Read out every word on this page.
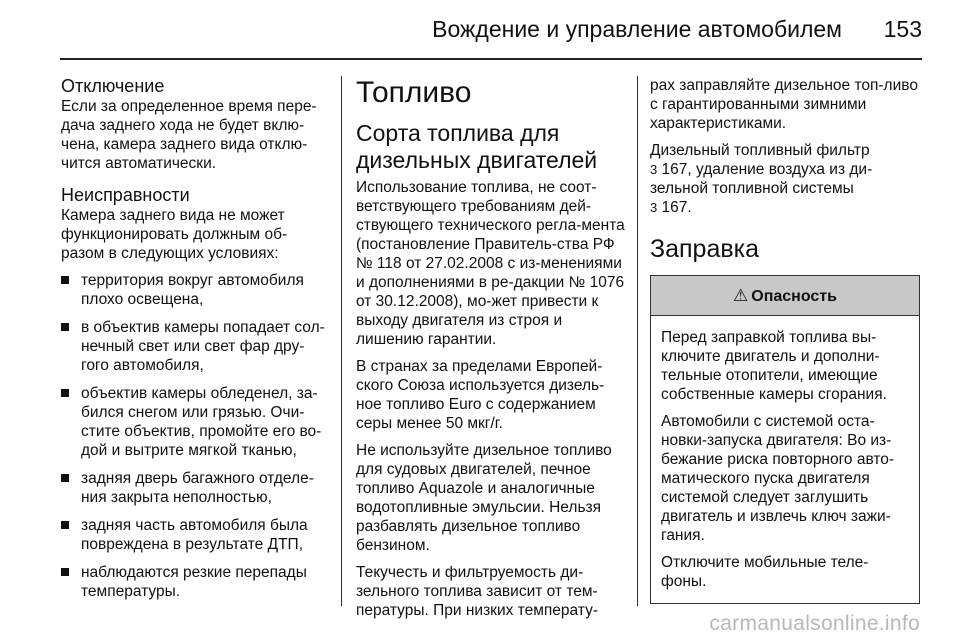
Вождение и управление автомобилем 153
Отключение

Если за определенное время пере-дача заднего хода не будет вклю-чена, камера заднего вида отклю-чится автоматически.

Неисправности

Камера заднего вида не может функционировать должным об-разом в следующих условиях:

территория вокруг автомобиля плохо освещена,
в объектив камеры попадает сол-нечный свет или свет фар дру-гого автомобиля,
объектив камеры обледенел, за-бился снегом или грязью. Очи-стите объектив, промойте его во-дой и вытрите мягкой тканью,
задняя дверь багажного отделе-ния закрыта неполностью,
задняя часть автомобиля была повреждена в результате ДТП,
наблюдаются резкие перепады температуры.
Топливо
Сорта топлива для дизельных двигателей

Использование топлива, не соот-ветствующего требованиям дей-ствующего технического регла-мента (постановление Правитель-ства РФ № 118 от 27.02.2008 с из-менениями и дополнениями в ре-дакции № 1076 от 30.12.2008), мо-жет привести к выходу двигателя из строя и лишению гарантии.

В странах за пределами Европей-ского Союза используется дизель-ное топливо Euro с содержанием серы менее 50 мкг/г.

Не используйте дизельное топливо для судовых двигателей, печное топливо Aquazole и аналогичные водотопливные эмульсии. Нельзя разбавлять дизельное топливо бензином.

Текучесть и фильтруемость ди-зельного топлива зависит от тем-пературы. При низких температу-

рах заправляйте дизельное топ-ливо с гарантированными зимними характеристиками.

Дизельный топливный фильтр
3 167, удаление воздуха из ди-зельной топливной системы
3 167.

Заправка
⚠ Опасность

Перед заправкой топлива вы-ключите двигатель и дополни-тельные отопители, имеющие собственные камеры сгорания.

Автомобили с системой оста-новки-запуска двигателя: Во из-бежание риска повторного авто-матического пуска двигателя системой следует заглушить двигатель и извлечь ключ зажи-гания.

Отключите мобильные теле-фоны.

carmanualsonline.info
